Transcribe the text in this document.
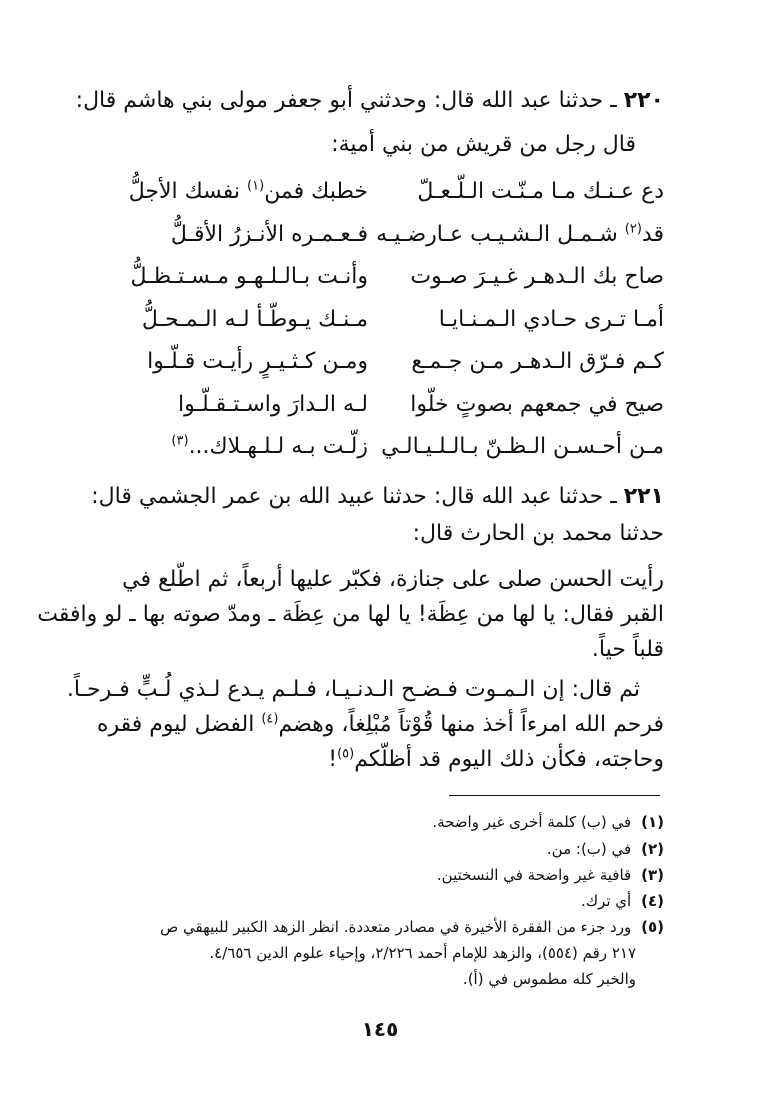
٢٢٠ ـ حدثنا عبد الله قال: وحدثني أبو جعفر مولى بني هاشم قال:
قال رجل من قريش من بني أمية:
دع عـنـك مـا مـنّـت الـلّـعـلّ
قد$^{(٢)}$ شـمـل الـشـيـب عـارضـيـه
صاح بك الـدهـر غـيـرَ صـوت
أمـا تـرى حـادي الـمـنـايـا
كـم فـرّق الـدهـر مـن جـمـع
صيح في جمعهم بصوتٍ خلّوا
مـن أحـسـن الـظـنّ بـالـلـيـالـي
خطبك فمن$^{(١)}$ نفسك الأجلُّ
فـعـمـره الأنـزرُ الأقـلُّ
وأنـت بـالـلـهـو مـسـتـظـلُّ
مـنـك يـوطّـأ لـه الـمـحـلُّ
ومـن كـثـيـرٍ رأيـت قـلّـوا
لـه الـدارَ واسـتـقـلّـوا
زلّـت بـه لـلـهـلاك...$^{(٣)}$
٢٢١ ـ حدثنا عبد الله قال: حدثنا عبيد الله بن عمر الجشمي قال:
حدثنا محمد بن الحارث قال:
رأيت الحسن صلى على جنازة، فكبّر عليها أربعاً، ثم اطّلع في
القبر فقال: يا لها من عِظَة! يا لها من عِظَة ـ ومدّ صوته بها ـ لو وافقت
قلباً حياً.
ثم قال: إن الـمـوت فـضـح الـدنـيـا، فـلـم يـدع لـذي لُـبٍّ فـرحـاً.
فرحم الله امرءاً أخذ منها قُوْتاً مُبْلِغاً، وهضم$^{(٤)}$ الفضل ليوم فقره
وحاجته، فكأن ذلك اليوم قد أظلّكم$^{(٥)}$!
(١) في (ب) كلمة أخرى غير واضحة.
(٢) في (ب): من.
(٣) قافية غير واضحة في النسختين.
(٤) أي ترك.
(٥) ورد جزء من الفقرة الأخيرة في مصادر متعددة. انظر الزهد الكبير للبيهقي ص
٢١٧ رقم (٥٥٤)، والزهد للإمام أحمد ٢/٢٢٦، وإحياء علوم الدين ٤/٦٥٦.
والخبر كله مطموس في (أ).
١٤٥
